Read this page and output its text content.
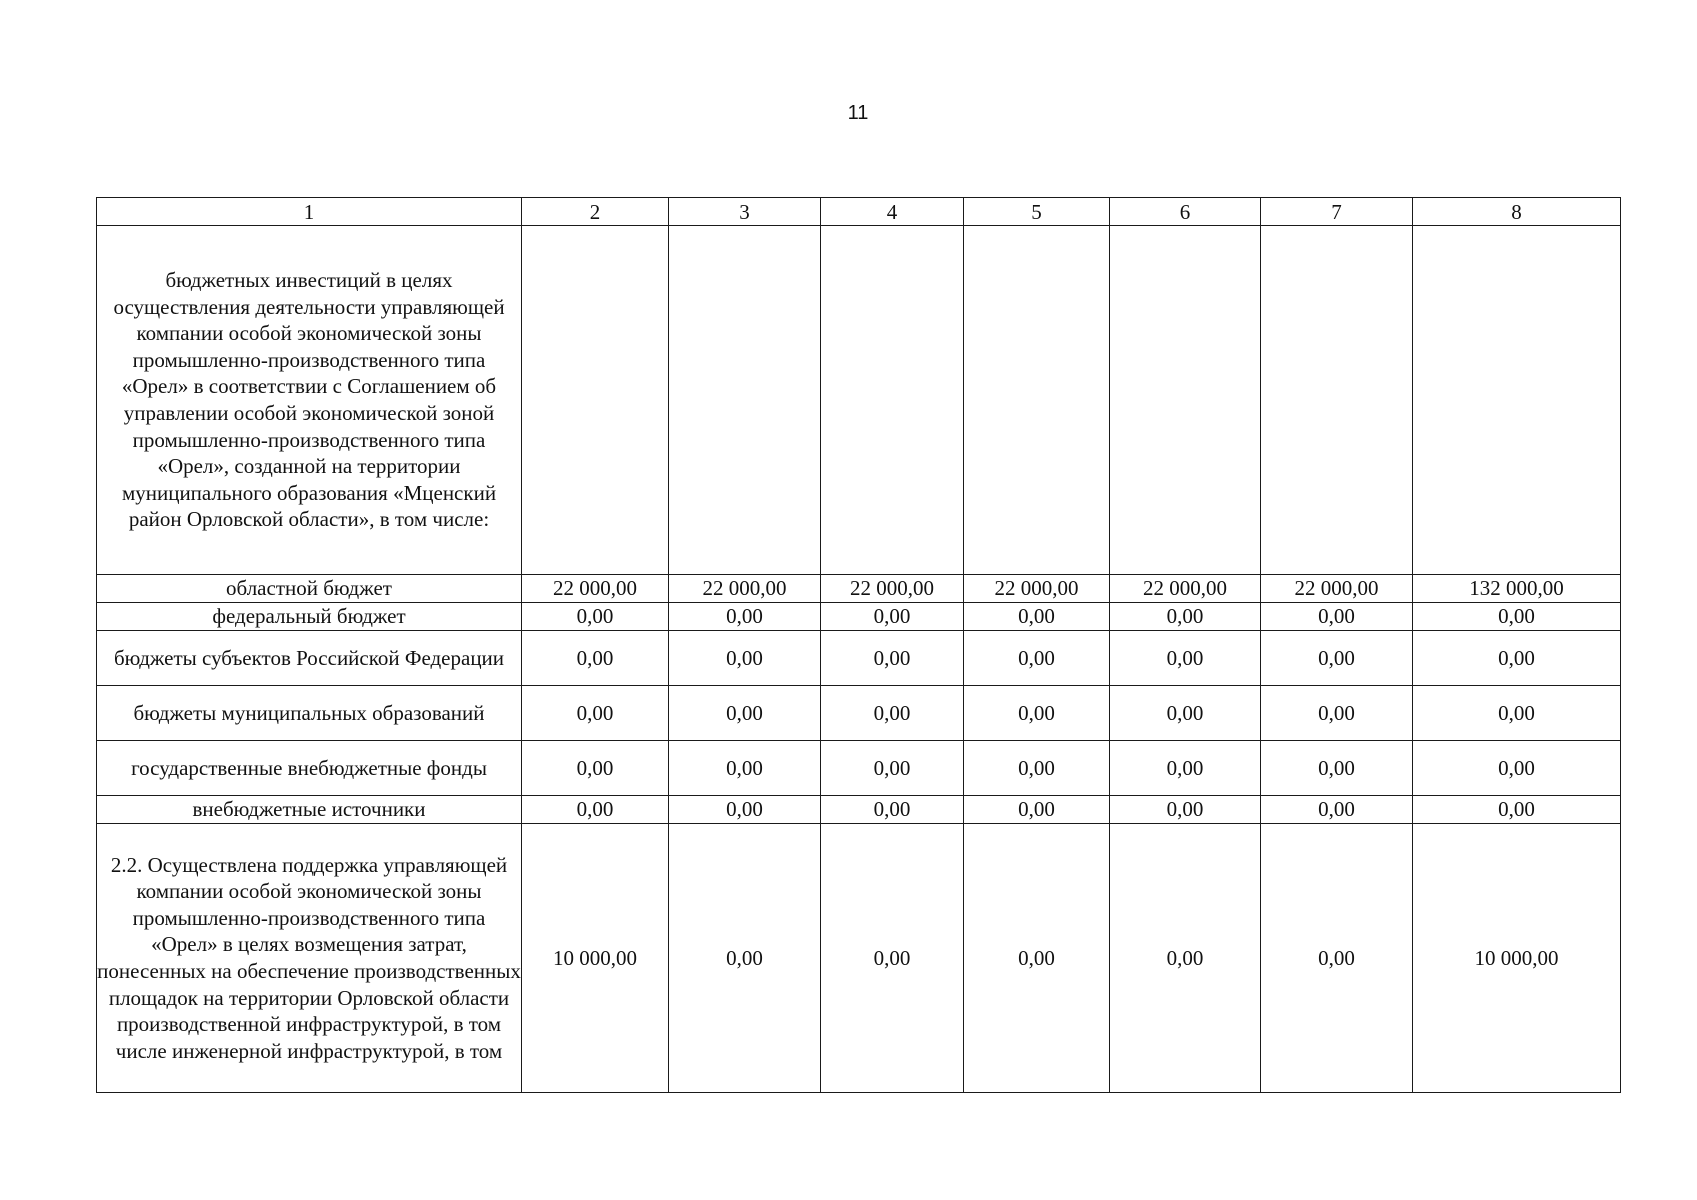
11
1	2	3	4	5	6	7	8
бюджетных инвестиций в целях осуществления деятельности управляющей компании особой экономической зоны промышленно-производственного типа «Орел» в соответствии с Соглашением об управлении особой экономической зоной промышленно-производственного типа «Орел», созданной на территории муниципального образования «Мценский район Орловской области», в том числе:							
областной бюджет	22 000,00	22 000,00	22 000,00	22 000,00	22 000,00	22 000,00	132 000,00
федеральный бюджет	0,00	0,00	0,00	0,00	0,00	0,00	0,00
бюджеты субъектов Российской Федерации	0,00	0,00	0,00	0,00	0,00	0,00	0,00
бюджеты муниципальных образований	0,00	0,00	0,00	0,00	0,00	0,00	0,00
государственные внебюджетные фонды	0,00	0,00	0,00	0,00	0,00	0,00	0,00
внебюджетные источники	0,00	0,00	0,00	0,00	0,00	0,00	0,00
2.2. Осуществлена поддержка управляющей компании особой экономической зоны промышленно-производственного типа «Орел» в целях возмещения затрат, понесенных на обеспечение производственных площадок на территории Орловской области производственной инфраструктурой, в том числе инженерной инфраструктурой, в том	10 000,00	0,00	0,00	0,00	0,00	0,00	10 000,00
